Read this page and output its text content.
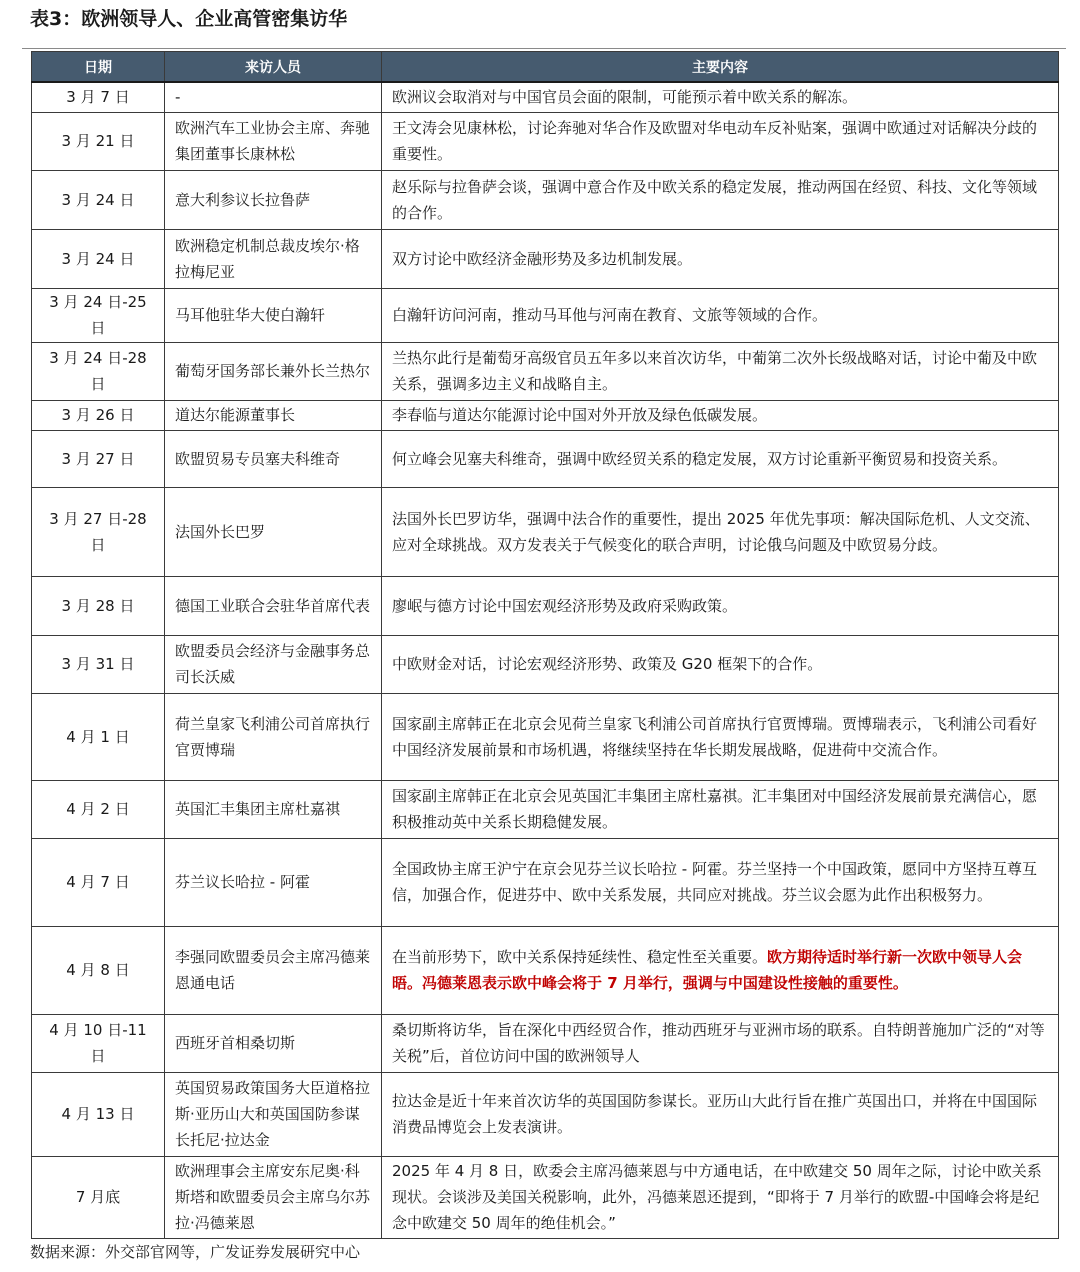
表3：欧洲领导人、企业高管密集访华
日期	来访人员	主要内容
3 月 7 日	-	欧洲议会取消对与中国官员会面的限制，可能预示着中欧关系的解冻。
3 月 21 日	欧洲汽车工业协会主席、奔驰集团董事长康林松	王文涛会见康林松，讨论奔驰对华合作及欧盟对华电动车反补贴案，强调中欧通过对话解决分歧的重要性。
3 月 24 日	意大利参议长拉鲁萨	赵乐际与拉鲁萨会谈，强调中意合作及中欧关系的稳定发展，推动两国在经贸、科技、文化等领域的合作。
3 月 24 日	欧洲稳定机制总裁皮埃尔·格拉梅尼亚	双方讨论中欧经济金融形势及多边机制发展。
3 月 24 日-25 日	马耳他驻华大使白瀚轩	白瀚轩访问河南，推动马耳他与河南在教育、文旅等领域的合作。
3 月 24 日-28 日	葡萄牙国务部长兼外长兰热尔	兰热尔此行是葡萄牙高级官员五年多以来首次访华，中葡第二次外长级战略对话，讨论中葡及中欧关系，强调多边主义和战略自主。
3 月 26 日	道达尔能源董事长	李春临与道达尔能源讨论中国对外开放及绿色低碳发展。
3 月 27 日	欧盟贸易专员塞夫科维奇	何立峰会见塞夫科维奇，强调中欧经贸关系的稳定发展，双方讨论重新平衡贸易和投资关系。
3 月 27 日-28 日	法国外长巴罗	法国外长巴罗访华，强调中法合作的重要性，提出 2025 年优先事项：解决国际危机、人文交流、应对全球挑战。双方发表关于气候变化的联合声明，讨论俄乌问题及中欧贸易分歧。
3 月 28 日	德国工业联合会驻华首席代表	廖岷与德方讨论中国宏观经济形势及政府采购政策。
3 月 31 日	欧盟委员会经济与金融事务总司长沃威	中欧财金对话，讨论宏观经济形势、政策及 G20 框架下的合作。
4 月 1 日	荷兰皇家飞利浦公司首席执行官贾博瑞	国家副主席韩正在北京会见荷兰皇家飞利浦公司首席执行官贾博瑞。贾博瑞表示，飞利浦公司看好中国经济发展前景和市场机遇，将继续坚持在华长期发展战略，促进荷中交流合作。
4 月 2 日	英国汇丰集团主席杜嘉祺	国家副主席韩正在北京会见英国汇丰集团主席杜嘉祺。汇丰集团对中国经济发展前景充满信心，愿积极推动英中关系长期稳健发展。
4 月 7 日	芬兰议长哈拉 - 阿霍	全国政协主席王沪宁在京会见芬兰议长哈拉 - 阿霍。芬兰坚持一个中国政策，愿同中方坚持互尊互信，加强合作，促进芬中、欧中关系发展，共同应对挑战。芬兰议会愿为此作出积极努力。
4 月 8 日	李强同欧盟委员会主席冯德莱恩通电话	在当前形势下，欧中关系保持延续性、稳定性至关重要。欧方期待适时举行新一次欧中领导人会晤。冯德莱恩表示欧中峰会将于 7 月举行，强调与中国建设性接触的重要性。
4 月 10 日-11 日	西班牙首相桑切斯	桑切斯将访华，旨在深化中西经贸合作，推动西班牙与亚洲市场的联系。自特朗普施加广泛的“对等关税”后，首位访问中国的欧洲领导人
4 月 13 日	英国贸易政策国务大臣道格拉斯·亚历山大和英国国防参谋长托尼·拉达金	拉达金是近十年来首次访华的英国国防参谋长。亚历山大此行旨在推广英国出口，并将在中国国际消费品博览会上发表演讲。
7 月底	欧洲理事会主席安东尼奥·科斯塔和欧盟委员会主席乌尔苏拉·冯德莱恩	2025 年 4 月 8 日，欧委会主席冯德莱恩与中方通电话，在中欧建交 50 周年之际，讨论中欧关系现状。会谈涉及美国关税影响，此外，冯德莱恩还提到，“即将于 7 月举行的欧盟-中国峰会将是纪念中欧建交 50 周年的绝佳机会。”
数据来源：外交部官网等，广发证券发展研究中心
